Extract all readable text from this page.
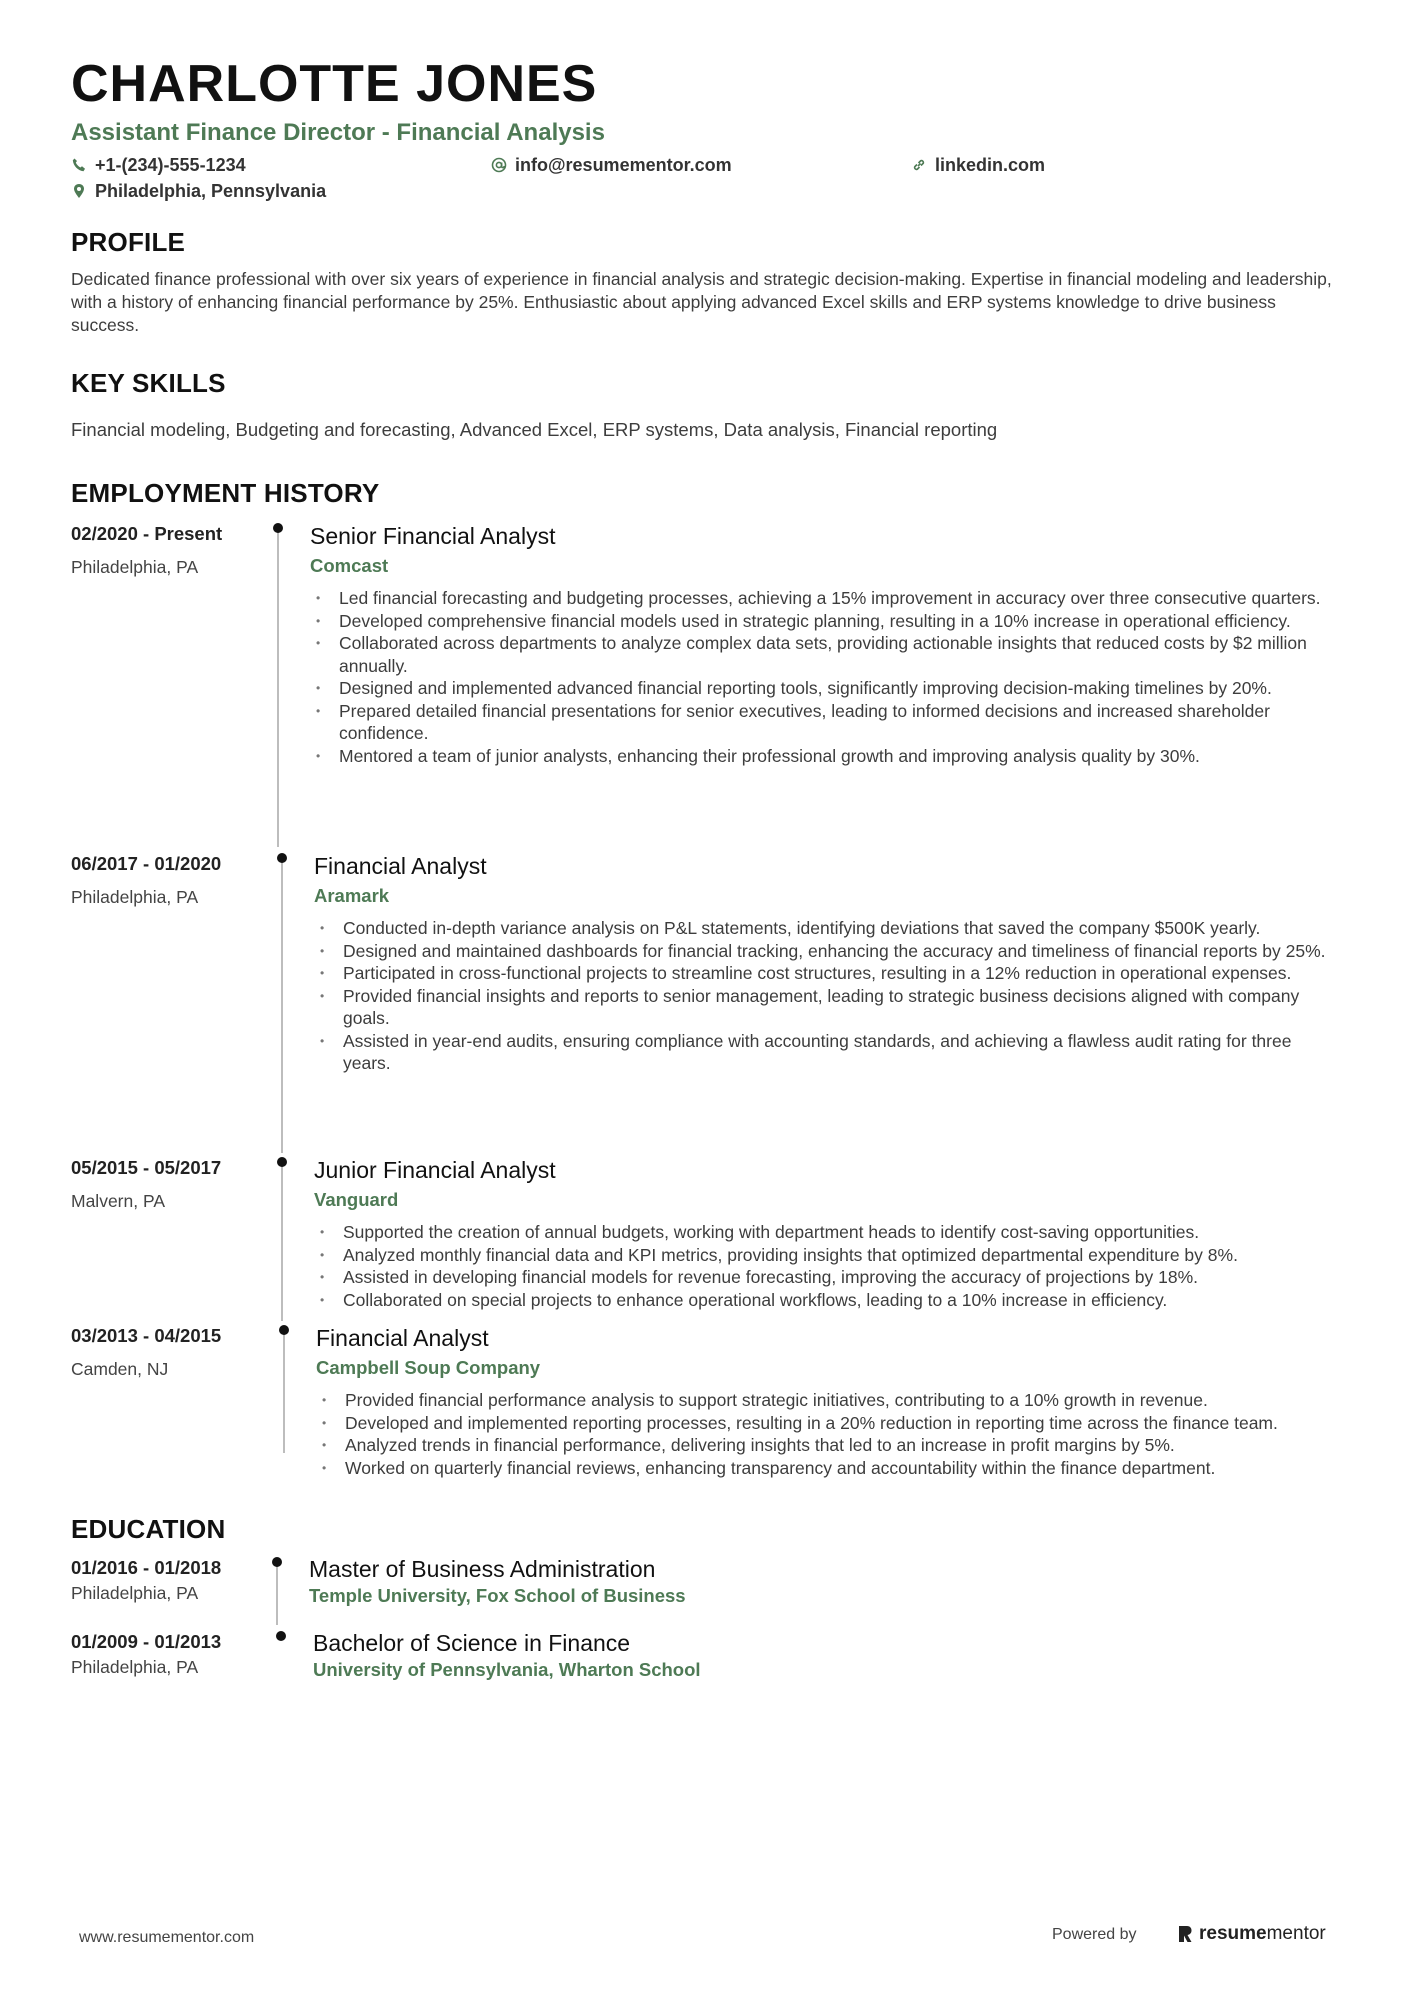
CHARLOTTE JONES
Assistant Finance Director - Financial Analysis
+1-(234)-555-1234	info@resumementor.com	linkedin.com
Philadelphia, Pennsylvania
PROFILE

Dedicated finance professional with over six years of experience in financial analysis and strategic decision-making. Expertise in financial modeling and leadership, with a history of enhancing financial performance by 25%. Enthusiastic about applying advanced Excel skills and ERP systems knowledge to drive business success.

KEY SKILLS

Financial modeling, Budgeting and forecasting, Advanced Excel, ERP systems, Data analysis, Financial reporting

EMPLOYMENT HISTORY
02/2020 - Present
Philadelphia, PA
Senior Financial Analyst
Comcast
• Led financial forecasting and budgeting processes, achieving a 15% improvement in accuracy over three consecutive quarters.
• Developed comprehensive financial models used in strategic planning, resulting in a 10% increase in operational efficiency.
• Collaborated across departments to analyze complex data sets, providing actionable insights that reduced costs by $2 million annually.
• Designed and implemented advanced financial reporting tools, significantly improving decision-making timelines by 20%.
• Prepared detailed financial presentations for senior executives, leading to informed decisions and increased shareholder confidence.
• Mentored a team of junior analysts, enhancing their professional growth and improving analysis quality by 30%.
06/2017 - 01/2020
Philadelphia, PA
Financial Analyst
Aramark
• Conducted in-depth variance analysis on P&L statements, identifying deviations that saved the company $500K yearly.
• Designed and maintained dashboards for financial tracking, enhancing the accuracy and timeliness of financial reports by 25%.
• Participated in cross-functional projects to streamline cost structures, resulting in a 12% reduction in operational expenses.
• Provided financial insights and reports to senior management, leading to strategic business decisions aligned with company goals.
• Assisted in year-end audits, ensuring compliance with accounting standards, and achieving a flawless audit rating for three years.
05/2015 - 05/2017
Malvern, PA
Junior Financial Analyst
Vanguard
• Supported the creation of annual budgets, working with department heads to identify cost-saving opportunities.
• Analyzed monthly financial data and KPI metrics, providing insights that optimized departmental expenditure by 8%.
• Assisted in developing financial models for revenue forecasting, improving the accuracy of projections by 18%.
• Collaborated on special projects to enhance operational workflows, leading to a 10% increase in efficiency.
03/2013 - 04/2015
Camden, NJ
Financial Analyst
Campbell Soup Company
• Provided financial performance analysis to support strategic initiatives, contributing to a 10% growth in revenue.
• Developed and implemented reporting processes, resulting in a 20% reduction in reporting time across the finance team.
• Analyzed trends in financial performance, delivering insights that led to an increase in profit margins by 5%.
• Worked on quarterly financial reviews, enhancing transparency and accountability within the finance department.
EDUCATION
01/2016 - 01/2018
Philadelphia, PA
Master of Business Administration
Temple University, Fox School of Business
01/2009 - 01/2013
Philadelphia, PA
Bachelor of Science in Finance
University of Pennsylvania, Wharton School
www.resumementor.com	Powered by	resume mentor
